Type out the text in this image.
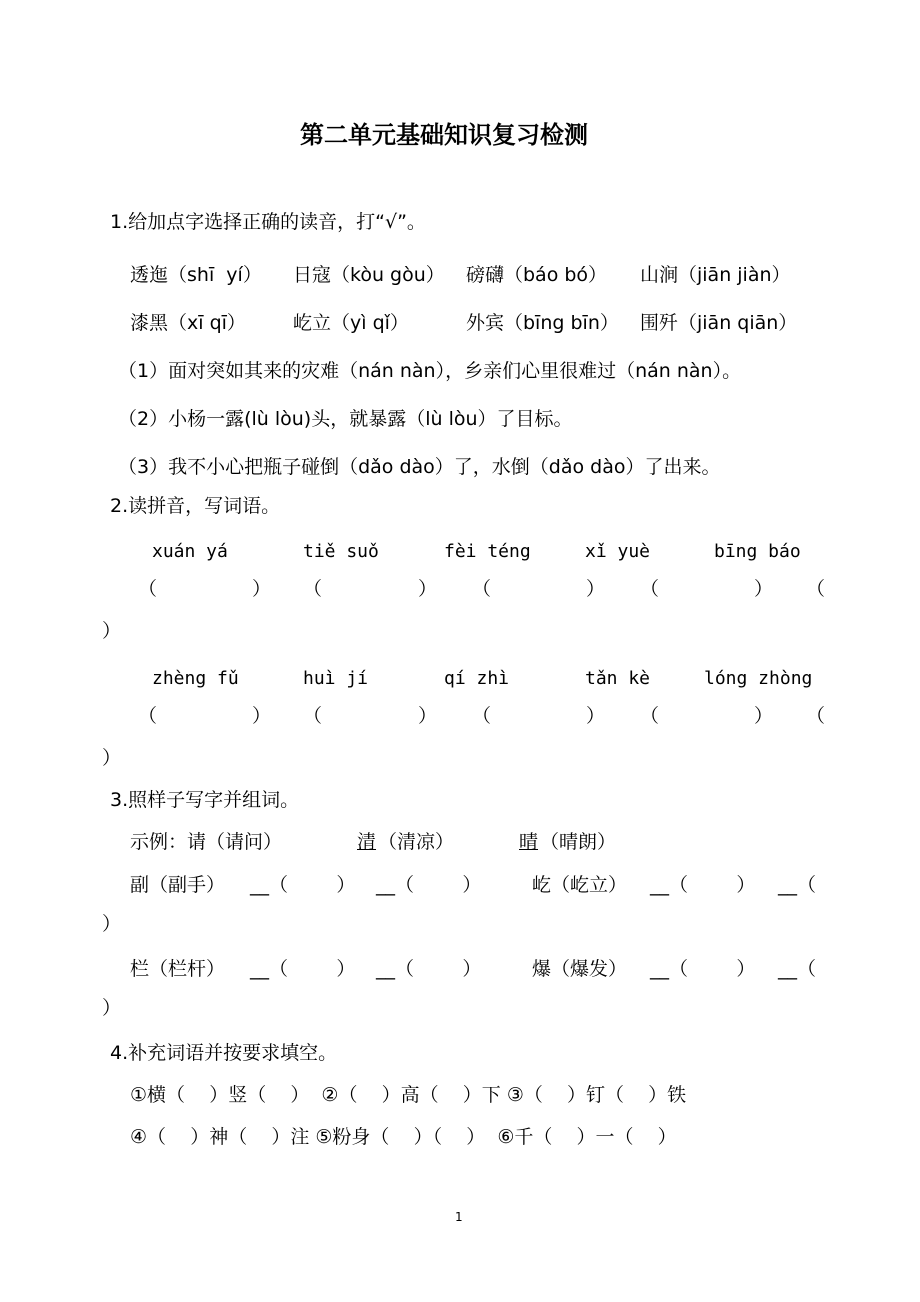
第二单元基础知识复习检测
1.给加点字选择正确的读音，打“√”。
透迤（shī  yí） 日寇（kòu gòu） 磅礴（báo bó） 山涧（jiān jiàn）
漆黑（xī qī） 屹立（yì qǐ）	外宾（bīng bīn） 围歼（jiān qiān）
（1）面对突如其来的灾难（nán nàn），乡亲们心里很难过（nán nàn）。
（2）小杨一露(lù lòu)头，就暴露（lù lòu）了目标。
（3）我不小心把瓶子碰倒（dǎo dào）了，水倒（dǎo dào）了出来。
2.读拼音，写词语。
xuán yá	tiě suǒ	fèi téng	xǐ yuè	bīng báo
（	） （	） （	） （	） （
）
zhèng fǔ	huì jí	qí zhì	tǎn kè	lóng zhòng
（	） （	） （	） （	） （
）
3.照样子写字并组词。
示例：请（请问）	清 （清凉）	晴 （晴朗）
副（副手） __（        ） __（        ）	屹（屹立） __（        ） __（
）
栏（栏杆） __（        ） __（        ）	爆（爆发） __（        ） __（
）
4.补充词语并按要求填空。
①横（    ）竖（    ）  ②（    ）高（    ）下 ③（    ）钉（    ）铁
④（    ）神（    ）注 ⑤粉身（    ）（    ）  ⑥千（    ）一（    ）
1
